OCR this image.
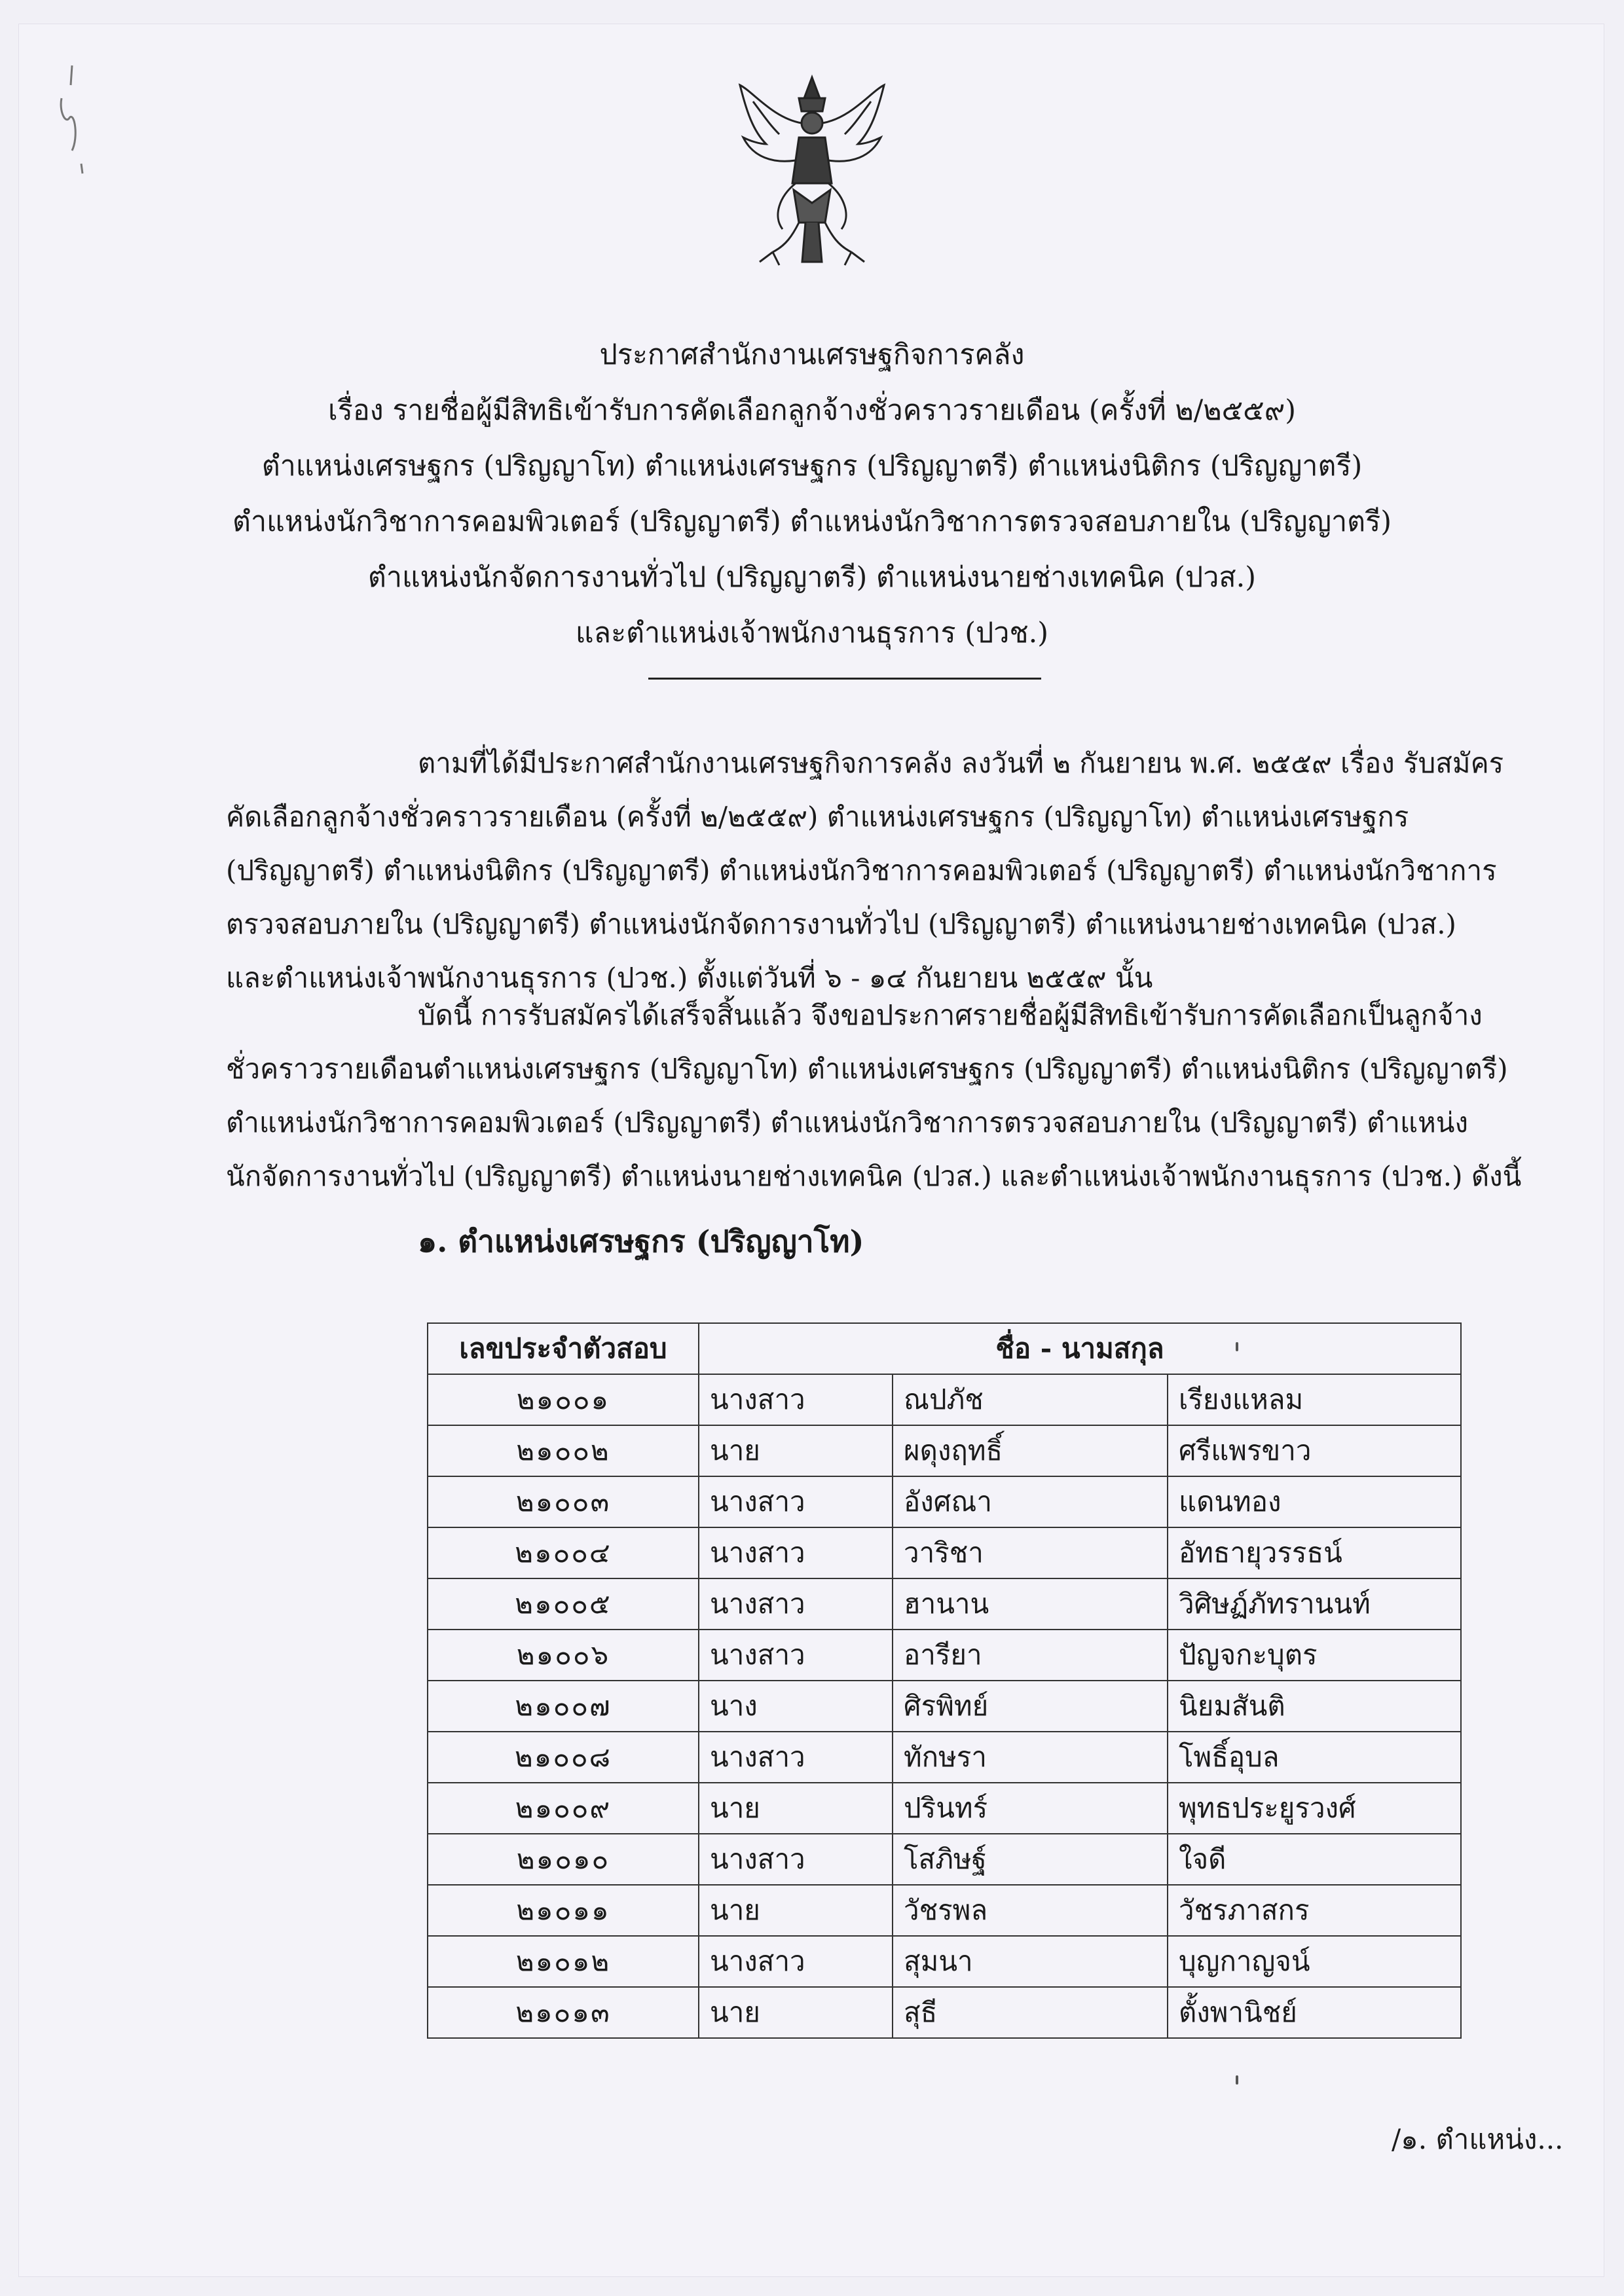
ประกาศสำนักงานเศรษฐกิจการคลัง
เรื่อง รายชื่อผู้มีสิทธิเข้ารับการคัดเลือกลูกจ้างชั่วคราวรายเดือน (ครั้งที่ ๒/๒๕๕๙)
ตำแหน่งเศรษฐกร (ปริญญาโท) ตำแหน่งเศรษฐกร (ปริญญาตรี) ตำแหน่งนิติกร (ปริญญาตรี)
ตำแหน่งนักวิชาการคอมพิวเตอร์ (ปริญญาตรี) ตำแหน่งนักวิชาการตรวจสอบภายใน (ปริญญาตรี)
ตำแหน่งนักจัดการงานทั่วไป (ปริญญาตรี) ตำแหน่งนายช่างเทคนิค (ปวส.)
และตำแหน่งเจ้าพนักงานธุรการ (ปวช.)

ตามที่ได้มีประกาศสำนักงานเศรษฐกิจการคลัง ลงวันที่ ๒ กันยายน พ.ศ. ๒๕๕๙ เรื่อง รับสมัคร

คัดเลือกลูกจ้างชั่วคราวรายเดือน (ครั้งที่ ๒/๒๕๕๙) ตำแหน่งเศรษฐกร (ปริญญาโท) ตำแหน่งเศรษฐกร

(ปริญญาตรี) ตำแหน่งนิติกร (ปริญญาตรี) ตำแหน่งนักวิชาการคอมพิวเตอร์ (ปริญญาตรี) ตำแหน่งนักวิชาการ

ตรวจสอบภายใน (ปริญญาตรี) ตำแหน่งนักจัดการงานทั่วไป (ปริญญาตรี) ตำแหน่งนายช่างเทคนิค (ปวส.)

และตำแหน่งเจ้าพนักงานธุรการ (ปวช.) ตั้งแต่วันที่ ๖ - ๑๔ กันยายน ๒๕๕๙ นั้น

บัดนี้ การรับสมัครได้เสร็จสิ้นแล้ว จึงขอประกาศรายชื่อผู้มีสิทธิเข้ารับการคัดเลือกเป็นลูกจ้าง

ชั่วคราวรายเดือนตำแหน่งเศรษฐกร (ปริญญาโท) ตำแหน่งเศรษฐกร (ปริญญาตรี) ตำแหน่งนิติกร (ปริญญาตรี)

ตำแหน่งนักวิชาการคอมพิวเตอร์ (ปริญญาตรี) ตำแหน่งนักวิชาการตรวจสอบภายใน (ปริญญาตรี) ตำแหน่ง

นักจัดการงานทั่วไป (ปริญญาตรี) ตำแหน่งนายช่างเทคนิค (ปวส.) และตำแหน่งเจ้าพนักงานธุรการ (ปวช.) ดังนี้

๑. ตำแหน่งเศรษฐกร (ปริญญาโท)
เลขประจำตัวสอบ	ชื่อ - นามสกุล		
๒๑๐๐๑	นางสาว	ณปภัช	เรียงแหลม
๒๑๐๐๒	นาย	ผดุงฤทธิ์	ศรีแพรขาว
๒๑๐๐๓	นางสาว	อังศณา	แดนทอง
๒๑๐๐๔	นางสาว	วาริชา	อัทธายุวรรธน์
๒๑๐๐๕	นางสาว	ฮานาน	วิศิษฏ์ภัทรานนท์
๒๑๐๐๖	นางสาว	อารียา	ปัญจกะบุตร
๒๑๐๐๗	นาง	ศิรพิทย์	นิยมสันติ
๒๑๐๐๘	นางสาว	ทักษรา	โพธิ์อุบล
๒๑๐๐๙	นาย	ปรินทร์	พุทธประยูรวงศ์
๒๑๐๑๐	นางสาว	โสภิษฐ์	ใจดี
๒๑๐๑๑	นาย	วัชรพล	วัชรภาสกร
๒๑๐๑๒	นางสาว	สุมนา	บุญกาญจน์
๒๑๐๑๓	นาย	สุธี	ตั้งพานิชย์
/๑. ตำแหน่ง...
